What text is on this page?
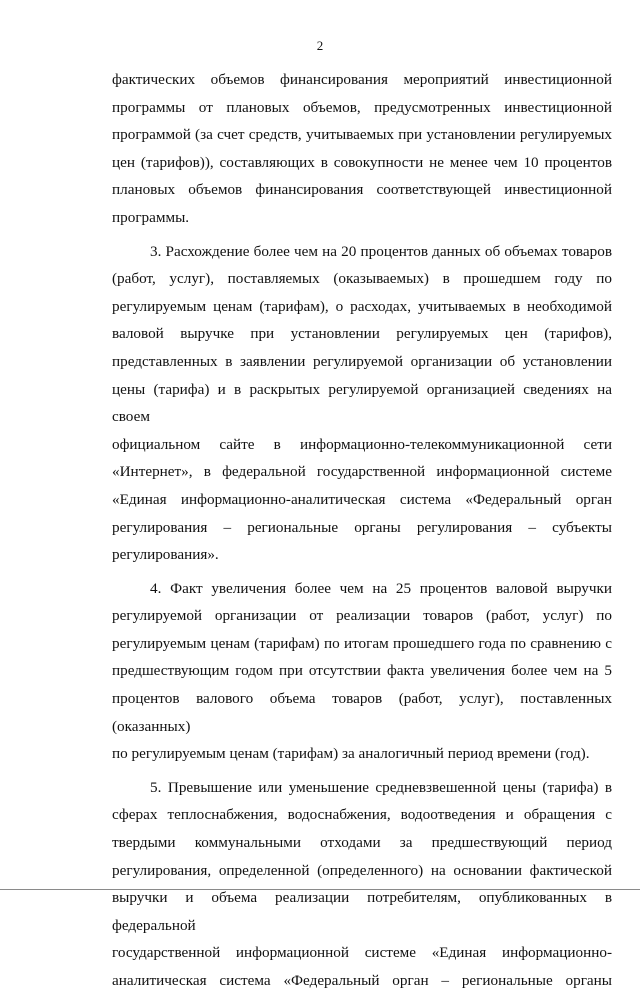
2

фактических объемов финансирования мероприятий инвестиционной

программы от плановых объемов, предусмотренных инвестиционной

программой (за счет средств, учитываемых при установлении регулируемых

цен (тарифов)), составляющих в совокупности не менее чем 10 процентов

плановых объемов финансирования соответствующей инвестиционной

программы.

3. Расхождение более чем на 20 процентов данных об объемах товаров

(работ, услуг), поставляемых (оказываемых) в прошедшем году по

регулируемым ценам (тарифам), о расходах, учитываемых в необходимой

валовой выручке при установлении регулируемых цен (тарифов),

представленных в заявлении регулируемой организации об установлении

цены (тарифа) и в раскрытых регулируемой организацией сведениях на своем

официальном сайте в информационно-телекоммуникационной сети

«Интернет», в федеральной государственной информационной системе

«Единая информационно-аналитическая система «Федеральный орган

регулирования – региональные органы регулирования – субъекты

регулирования».

4. Факт увеличения более чем на 25 процентов валовой выручки

регулируемой организации от реализации товаров (работ, услуг) по

регулируемым ценам (тарифам) по итогам прошедшего года по сравнению с

предшествующим годом при отсутствии факта увеличения более чем на 5

процентов валового объема товаров (работ, услуг), поставленных (оказанных)

по регулируемым ценам (тарифам) за аналогичный период времени (год).

5. Превышение или уменьшение средневзвешенной цены (тарифа) в

сферах теплоснабжения, водоснабжения, водоотведения и обращения с

твердыми коммунальными отходами за предшествующий период

регулирования, определенной (определенного) на основании фактической

выручки и объема реализации потребителям, опубликованных в федеральной

государственной информационной системе «Единая информационно-

аналитическая система «Федеральный орган – региональные органы
